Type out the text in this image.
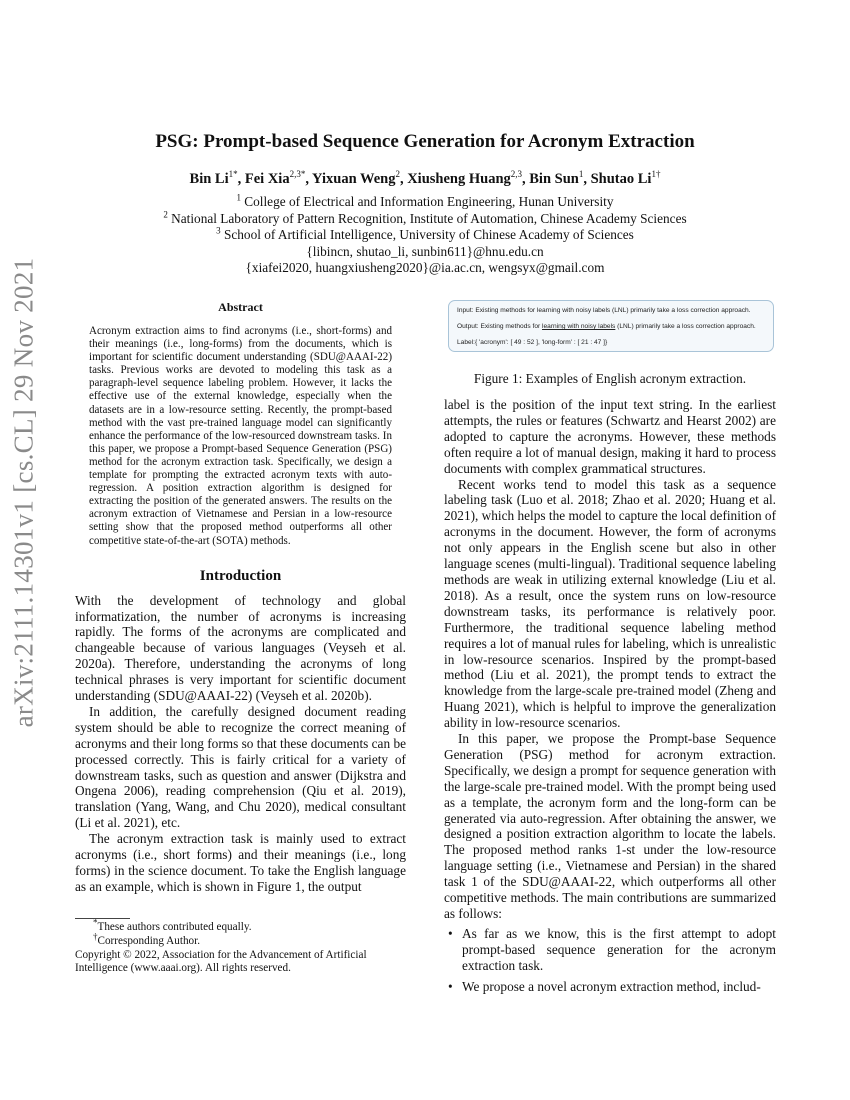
arXiv:2111.14301v1 [cs.CL] 29 Nov 2021
PSG: Prompt-based Sequence Generation for Acronym Extraction
Bin $Li^{1*}$, Fei Xia$^{2,3*}$, Yixuan Weng$^2$, Xiusheng Huang$^{2,3}$, Bin Sun$^1$, Shutao $Li^{1\dagger}$
$^1$ College of Electrical and Information Engineering, Hunan University
$^2$ National Laboratory of Pattern Recognition, Institute of Automation, Chinese Academy Sciences
$^3$ School of Artificial Intelligence, University of Chinese Academy of Sciences
{libincn, shutao_li, sunbin611}@hnu.edu.cn
{xiafei2020, huangxiusheng2020}@ia.ac.cn, wengsyx@gmail.com
Abstract
Acronym extraction aims to find acronyms (i.e., short-forms) and their meanings (i.e., long-forms) from the documents, which is important for scientific document understanding (SDU@AAAI-22) tasks. Previous works are devoted to modeling this task as a paragraph-level sequence labeling problem. However, it lacks the effective use of the external knowledge, especially when the datasets are in a low-resource setting. Recently, the prompt-based method with the vast pre-trained language model can significantly enhance the performance of the low-resourced downstream tasks. In this paper, we propose a Prompt-based Sequence Generation (PSG) method for the acronym extraction task. Specifically, we design a template for prompting the extracted acronym texts with auto-regression. A position extraction algorithm is designed for extracting the position of the generated answers. The results on the acronym extraction of Vietnamese and Persian in a low-resource setting show that the proposed method outperforms all other competitive state-of-the-art (SOTA) methods.
Introduction

With the development of technology and global informatization, the number of acronyms is increasing rapidly. The forms of the acronyms are complicated and changeable because of various languages (Veyseh et al. 2020a). Therefore, understanding the acronyms of long technical phrases is very important for scientific document understanding (SDU@AAAI-22) (Veyseh et al. 2020b).

In addition, the carefully designed document reading system should be able to recognize the correct meaning of acronyms and their long forms so that these documents can be processed correctly. This is fairly critical for a variety of downstream tasks, such as question and answer (Dijkstra and Ongena 2006), reading comprehension (Qiu et al. 2019), translation (Yang, Wang, and Chu 2020), medical consultant (Li et al. 2021), etc.

The acronym extraction task is mainly used to extract acronyms (i.e., short forms) and their meanings (i.e., long forms) in the science document. To take the English language as an example, which is shown in Figure 1, the output

*These authors contributed equally.
†Corresponding Author.
Copyright © 2022, Association for the Advancement of Artificial Intelligence (www.aaai.org). All rights reserved.
Input: Existing methods for learning with noisy labels (LNL) primarily take a loss correction approach.
Output: Existing methods for learning with noisy labels (LNL) primarily take a loss correction approach.
Label:{ 'acronym': [ 49 : 52 ], 'long-form' : [ 21 : 47 ]}
Figure 1: Examples of English acronym extraction.

label is the position of the input text string. In the earliest attempts, the rules or features (Schwartz and Hearst 2002) are adopted to capture the acronyms. However, these methods often require a lot of manual design, making it hard to process documents with complex grammatical structures.

Recent works tend to model this task as a sequence labeling task (Luo et al. 2018; Zhao et al. 2020; Huang et al. 2021), which helps the model to capture the local definition of acronyms in the document. However, the form of acronyms not only appears in the English scene but also in other language scenes (multi-lingual). Traditional sequence labeling methods are weak in utilizing external knowledge (Liu et al. 2018). As a result, once the system runs on low-resource downstream tasks, its performance is relatively poor. Furthermore, the traditional sequence labeling method requires a lot of manual rules for labeling, which is unrealistic in low-resource scenarios. Inspired by the prompt-based method (Liu et al. 2021), the prompt tends to extract the knowledge from the large-scale pre-trained model (Zheng and Huang 2021), which is helpful to improve the generalization ability in low-resource scenarios.

In this paper, we propose the Prompt-base Sequence Generation (PSG) method for acronym extraction. Specifically, we design a prompt for sequence generation with the large-scale pre-trained model. With the prompt being used as a template, the acronym form and the long-form can be generated via auto-regression. After obtaining the answer, we designed a position extraction algorithm to locate the labels. The proposed method ranks 1-st under the low-resource language setting (i.e., Vietnamese and Persian) in the shared task 1 of the SDU@AAAI-22, which outperforms all other competitive methods. The main contributions are summarized as follows:

• As far as we know, this is the first attempt to adopt prompt-based sequence generation for the acronym extraction task.
• We propose a novel acronym extraction method, includ-
